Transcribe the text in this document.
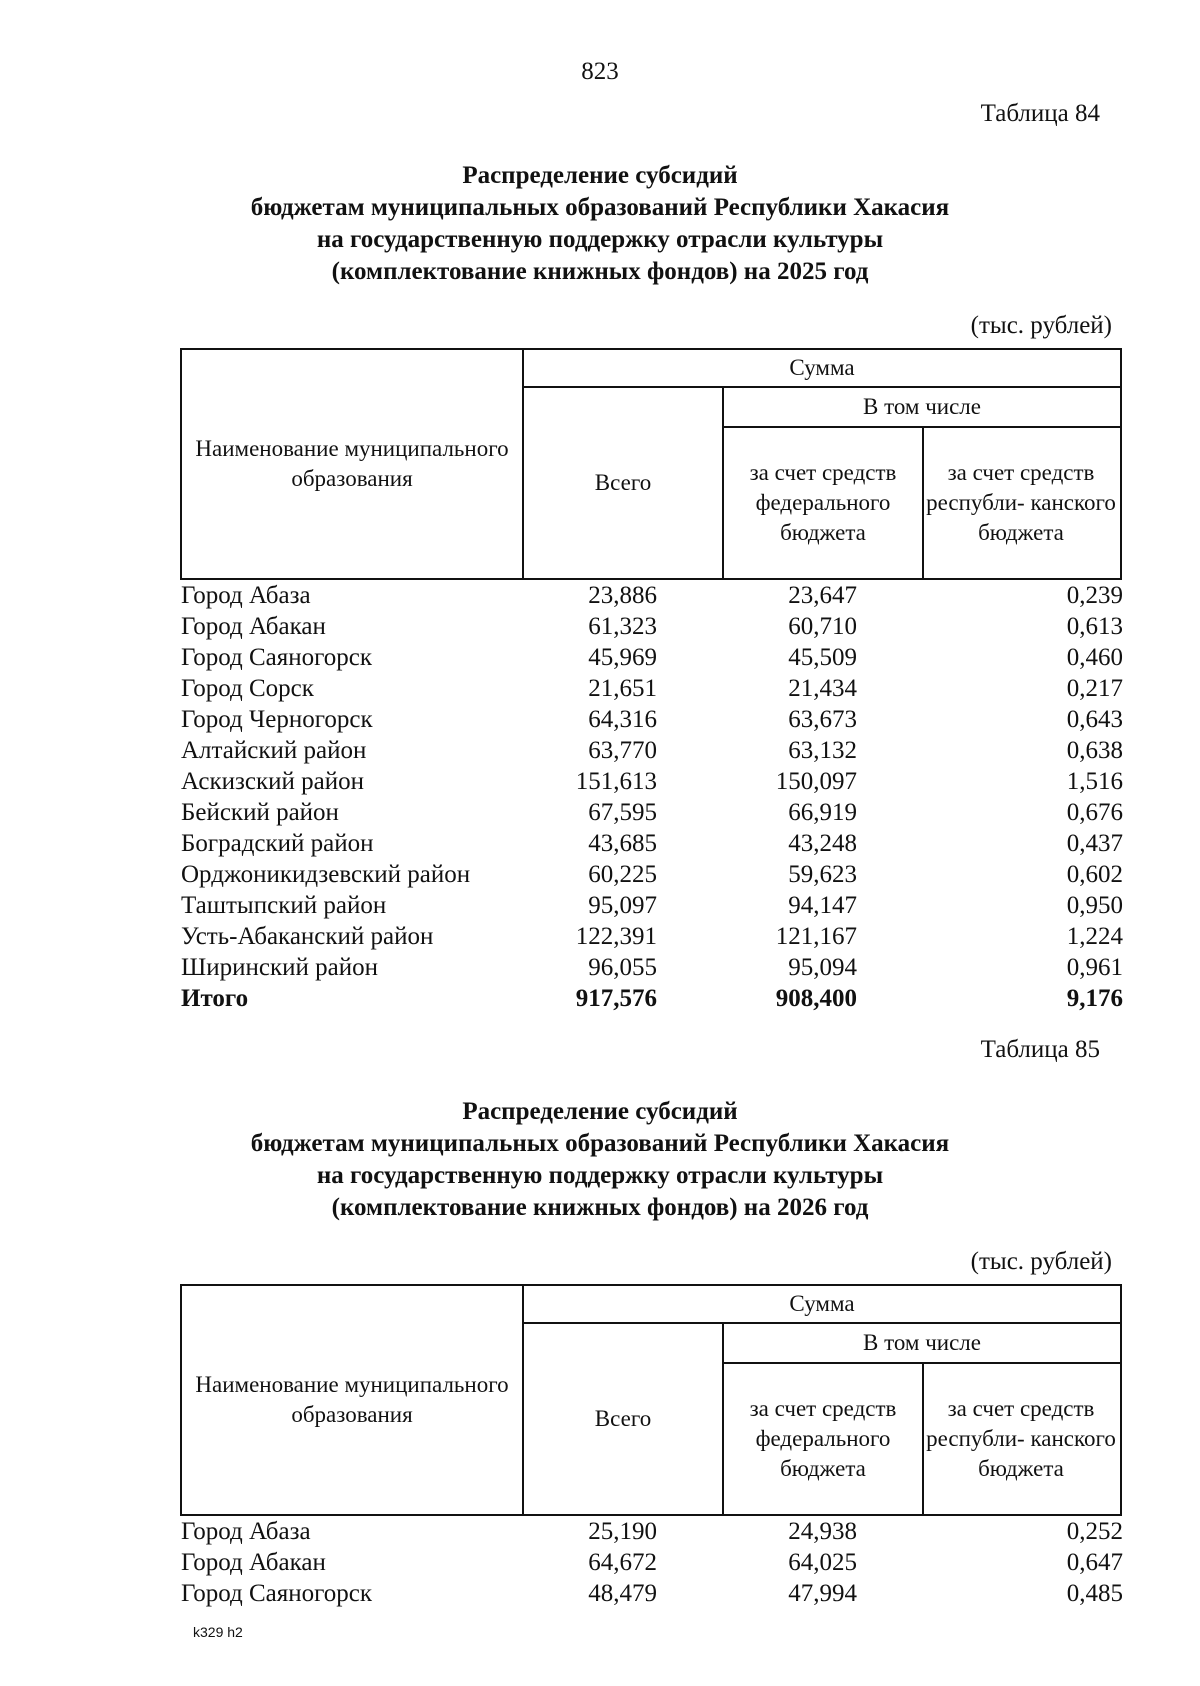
823
Таблица 84
Распределение субсидий
бюджетам муниципальных образований Республики Хакасия
на государственную поддержку отрасли культуры
(комплектование книжных фондов) на 2025 год
(тыс. рублей)
Наименование муниципального образования
Сумма
Всего
В том числе
за счет средств федерального бюджета
за счет средств республи- канского бюджета
Город Абаза	23,886	23,647	0,239
Город Абакан	61,323	60,710	0,613
Город Саяногорск	45,969	45,509	0,460
Город Сорск	21,651	21,434	0,217
Город Черногорск	64,316	63,673	0,643
Алтайский район	63,770	63,132	0,638
Аскизский район	151,613	150,097	1,516
Бейский район	67,595	66,919	0,676
Боградский район	43,685	43,248	0,437
Орджоникидзевский район	60,225	59,623	0,602
Таштыпский район	95,097	94,147	0,950
Усть-Абаканский район	122,391	121,167	1,224
Ширинский район	96,055	95,094	0,961
Итого	917,576	908,400	9,176
Таблица 85
Распределение субсидий
бюджетам муниципальных образований Республики Хакасия
на государственную поддержку отрасли культуры
(комплектование книжных фондов) на 2026 год
(тыс. рублей)
Наименование муниципального образования
Сумма
Всего
В том числе
за счет средств федерального бюджета
за счет средств республи- канского бюджета
Город Абаза	25,190	24,938	0,252
Город Абакан	64,672	64,025	0,647
Город Саяногорск	48,479	47,994	0,485
k329 h2
